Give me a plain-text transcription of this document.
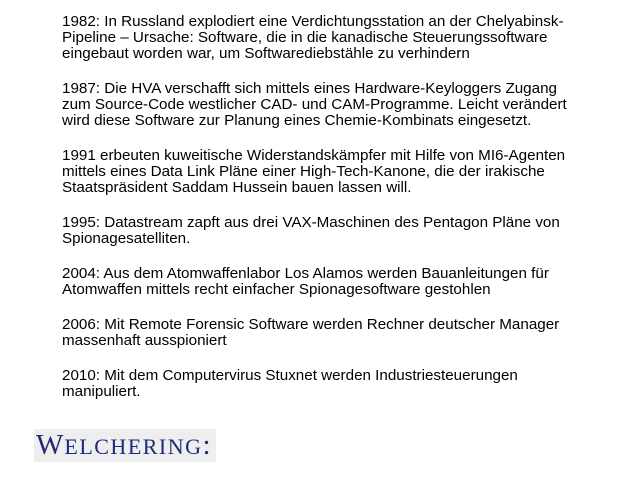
1982: In Russland explodiert eine Verdichtungsstation an der Chelyabinsk-
Pipeline – Ursache: Software, die in die kanadische Steuerungssoftware
eingebaut worden war, um Softwarediebstähle zu verhindern

1987: Die HVA verschafft sich mittels eines Hardware-Keyloggers Zugang
zum Source-Code westlicher CAD- und CAM-Programme. Leicht verändert
wird diese Software zur Planung eines Chemie-Kombinats eingesetzt.

1991 erbeuten kuweitische Widerstandskämpfer mit Hilfe von MI6-Agenten
mittels eines Data Link Pläne einer High-Tech-Kanone, die der irakische
Staatspräsident Saddam Hussein bauen lassen will.

1995: Datastream zapft aus drei VAX-Maschinen des Pentagon Pläne von
Spionagesatelliten.

2004: Aus dem Atomwaffenlabor Los Alamos werden Bauanleitungen für
Atomwaffen mittels recht einfacher Spionagesoftware gestohlen

2006: Mit Remote Forensic Software werden Rechner deutscher Manager
massenhaft ausspioniert

2010: Mit dem Computervirus Stuxnet werden Industriesteuerungen
manipuliert.

WELCHERING:
